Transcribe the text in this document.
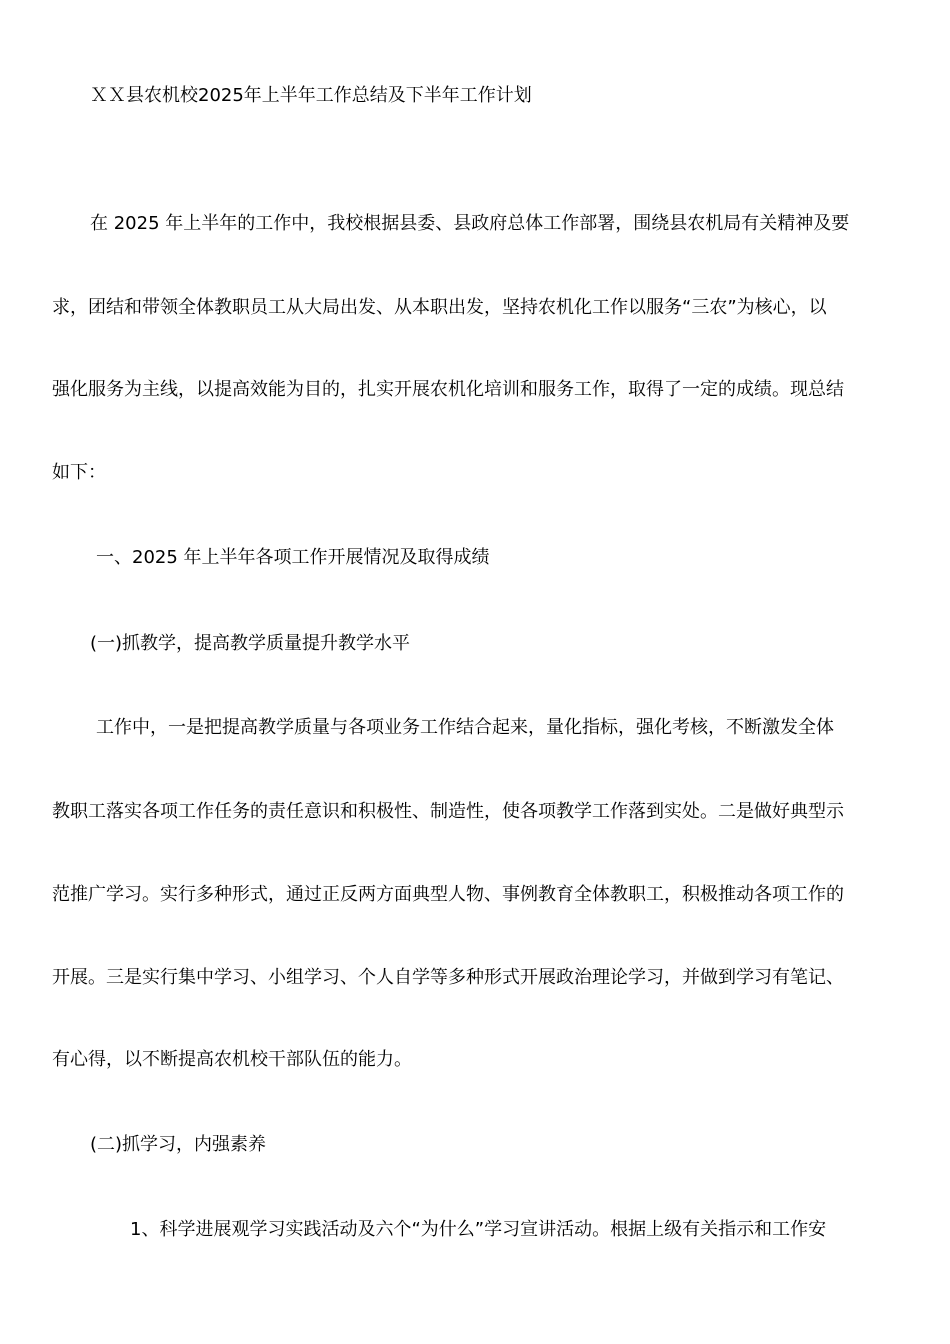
ＸＸ县农机校2025年上半年工作总结及下半年工作计划
在 2025 年上半年的工作中，我校根据县委、县政府总体工作部署，围绕县农机局有关精神及要
求，团结和带领全体教职员工从大局出发、从本职出发，坚持农机化工作以服务“三农”为核心，以
强化服务为主线，以提高效能为目的，扎实开展农机化培训和服务工作，取得了一定的成绩。现总结
如下：
一、2025 年上半年各项工作开展情况及取得成绩
(一)抓教学，提高教学质量提升教学水平
工作中，一是把提高教学质量与各项业务工作结合起来，量化指标，强化考核，不断激发全体
教职工落实各项工作任务的责任意识和积极性、制造性，使各项教学工作落到实处。二是做好典型示
范推广学习。实行多种形式，通过正反两方面典型人物、事例教育全体教职工，积极推动各项工作的
开展。三是实行集中学习、小组学习、个人自学等多种形式开展政治理论学习，并做到学习有笔记、
有心得，以不断提高农机校干部队伍的能力。
(二)抓学习，内强素养
1、科学进展观学习实践活动及六个“为什么”学习宣讲活动。根据上级有关指示和工作安
